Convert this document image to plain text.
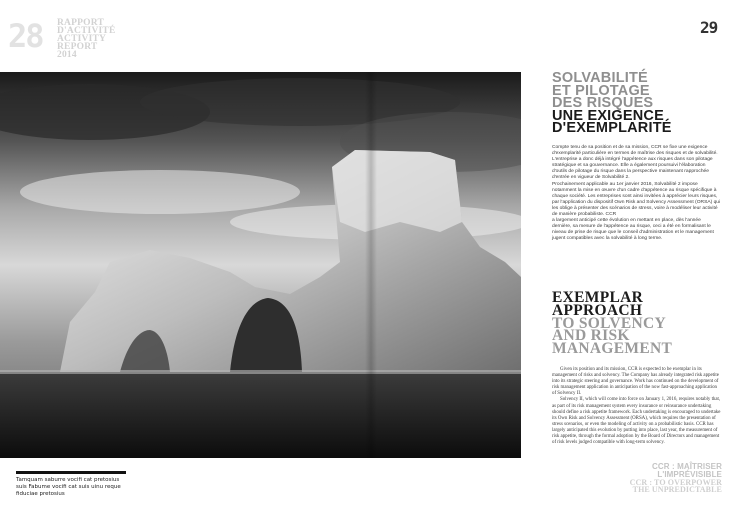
28 RAPPORT
D'ACTIVITÉ
ACTIVITY
REPORT
2014
29
Tamquam saburre vocifi cat pretosius
suis Fabume vocifi cat suis uinu reque
fiduciae pretosius
SOLVABILITÉ
ET PILOTAGE
DES RISQUES
UNE EXIGENCE
D'EXEMPLARITÉ

Compte tenu de sa position et de sa mission, CCR se fixe une exigence d'exemplarité particulière en termes de maîtrise des risques et de solvabilité. L'entreprise a donc déjà intégré l'appétence aux risques dans son pilotage stratégique et sa gouvernance. Elle a également poursuivi l'élaboration d'outils de pilotage du risque dans la perspective maintenant rapprochée d'entrée en vigueur de Solvabilité 2.

Prochainement applicable au 1er janvier 2016, Solvabilité 2 impose notamment la mise en œuvre d'un cadre d'appétence au risque spécifique à chaque société. Les entreprises sont ainsi invitées à apprécier leurs risques, par l'application du dispositif Own Risk and Solvency Assessment (ORSA) qui les oblige à présenter des scénarios de stress, voire à modéliser leur activité de manière probabiliste. CCR

a largement anticipé cette évolution en mettant en place, dès l'année dernière, sa mesure de l'appétence au risque, ceci a été en formalisant le niveau de prise de risque que le conseil d'administration et le management jugent compatibles avec la solvabilité à long terme.

EXEMPLAR
APPROACH
TO SOLVENCY
AND RISK
MANAGEMENT

Given its position and its mission, CCR is expected to be exemplar in its management of risks and solvency. The Company has already integrated risk appetite into its strategic steering and governance. Work has continued on the development of risk management application in anticipation of the now fast-approaching application of Solvency II.

Solvency II, which will come into force on January 1, 2016, requires notably that, as part of its risk management system every insurance or reinsurance undertaking should define a risk appetite framework. Each undertaking is encouraged to undertake its Own Risk and Solvency Assessment (ORSA), which requires the presentation of stress scenarios, or even the modeling of activity on a probabilistic basis. CCR has largely anticipated this evolution by putting into place, last year, the measurement of risk appetite, through the formal adoption by the Board of Directors and management of risk levels judged compatible with long-term solvency.

CCR : MAÎTRISER
L'IMPRÉVISIBLE
CCR : TO OVERPOWER
THE UNPREDICTABLE
